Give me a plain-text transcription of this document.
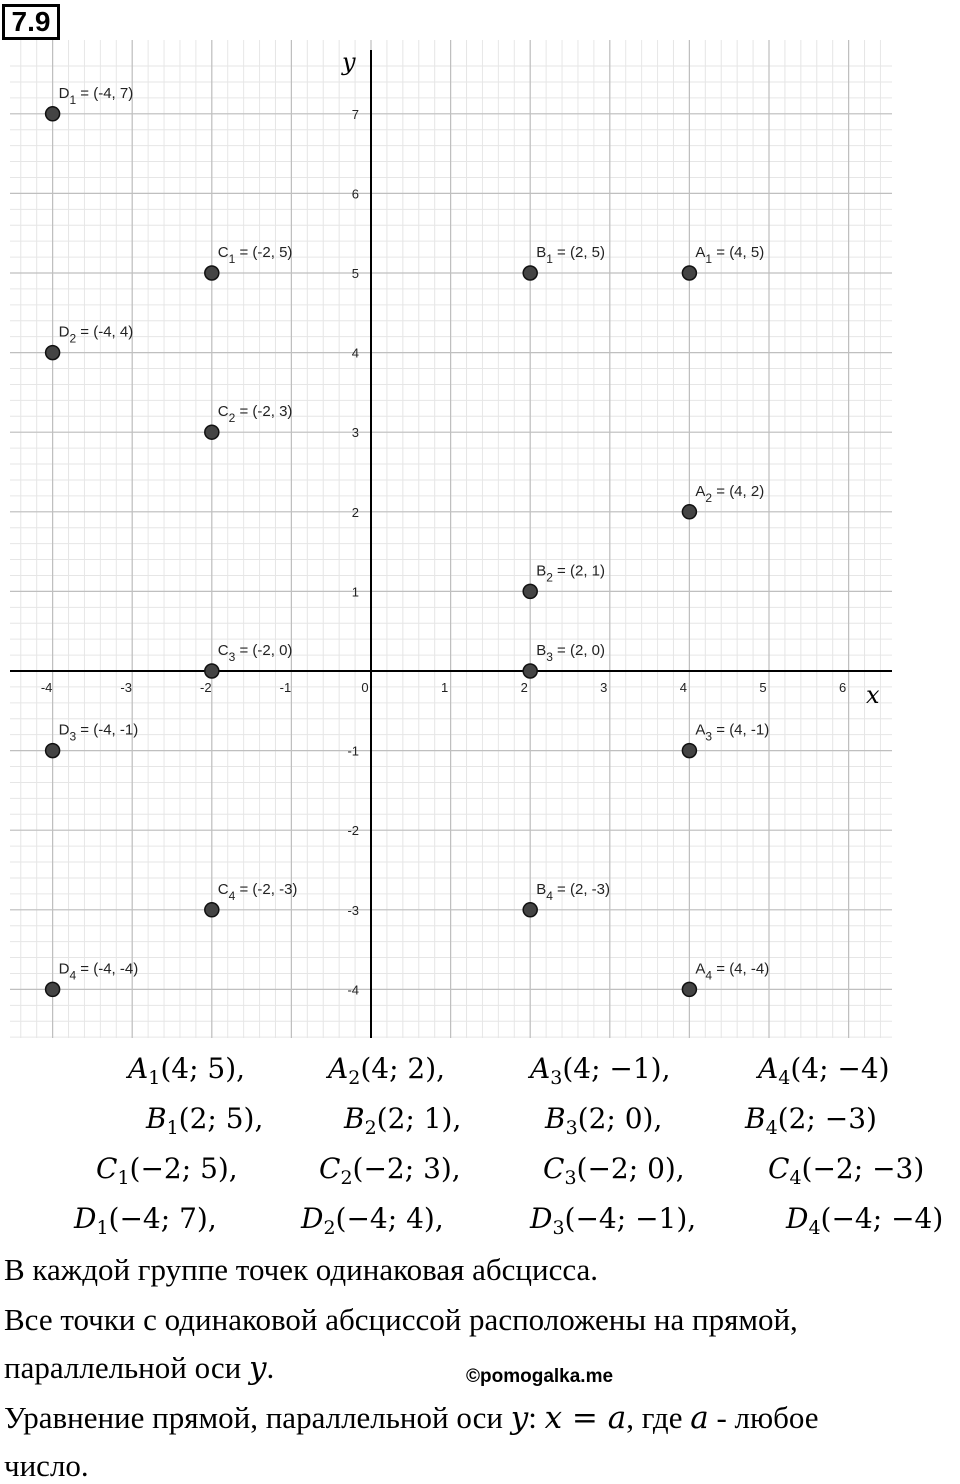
7.9
x
y
-4	-3	-2	-1	0	1	2	3	4	5	6
7
6
5
4
3
2
1
-1
-2
-3
-4
$D_1 = (-4$, 7)
$C_1 = (-2$, 5)	$B_1 = (2$, 5)	$A_1 = (4$, 5)
$D_2 = (-4$, 4)
$C_2 = (-2$, 3)
$A_2 = (4$, 2)
$B_2 = (2$, 1)
$C_3 = (-2$, 0)	$B_3 = (2$, 0)
$D_3 = (-4$, -1)	$A_3 = (4$, -1)
$C_4 = (-2$, -3)	$B_4 = (2$, -3)
$D_4 = (-4$, -4)	$A_4 = (4$, -4)
$A_1(4$; 5),	$A_2(4$; 2),	$A_3(4$; −1),	$A_4(4$; −4)
$B_1(2$; 5),	$B_2(2$; 1),	$B_3(2$; 0),	$B_4(2$; −3)
$C_1(-2$; 5),	$C_2(-2$; 3),	$C_3(-2$; 0),	$C_4(-2$; −3)
$D_1(-4$; 7),	$D_2(-4$; 4),	$D_3(-4$; −1),	$D_4(-4$; −4)
В каждой группе точек одинаковая абсцисса.
Все точки с одинаковой абсциссой расположены на прямой,
параллельной оси y.	©pomogalka.me
Уравнение прямой, параллельной оси y: x = a, где a - любое
число.
